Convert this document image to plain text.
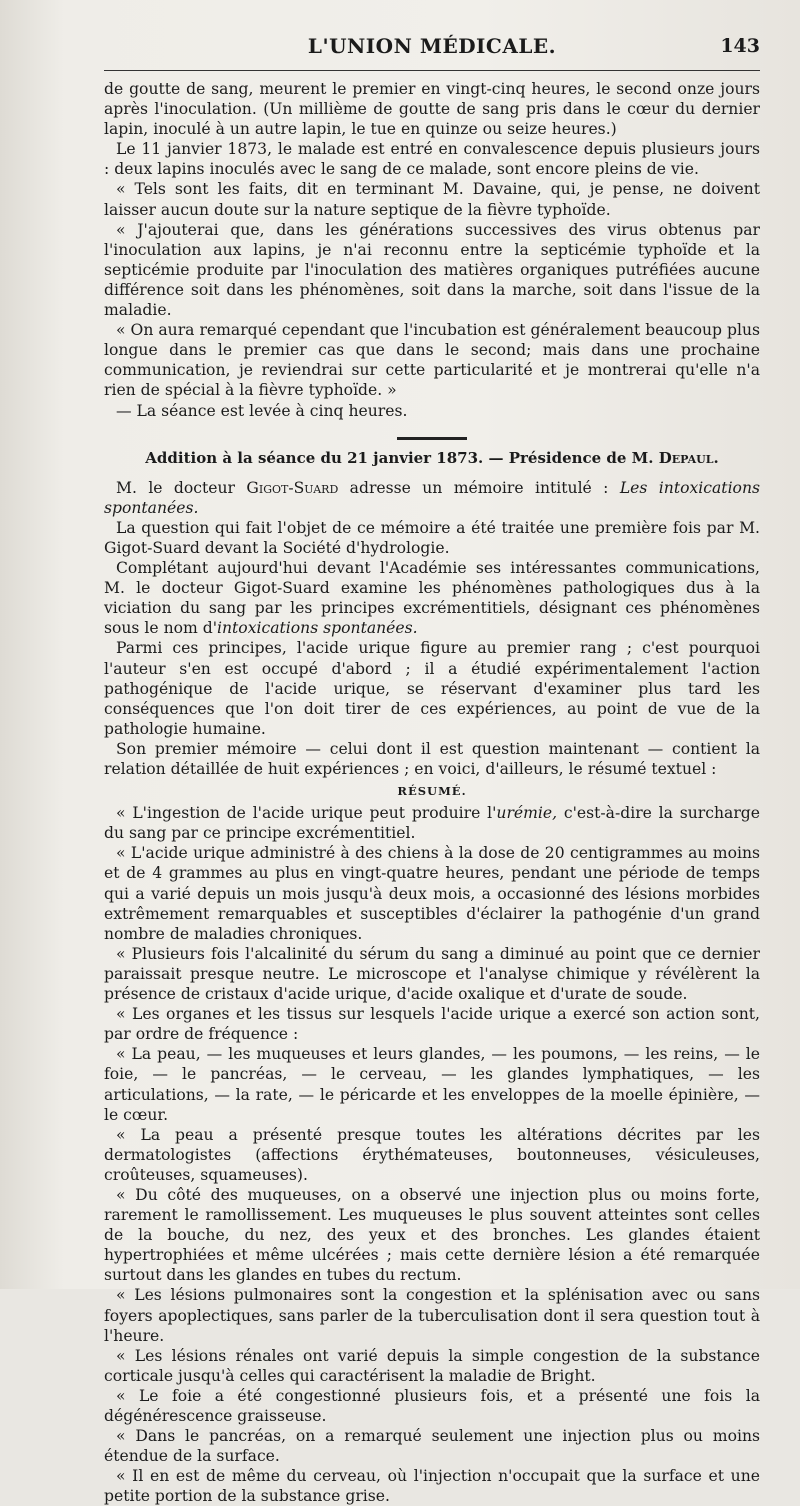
L'UNION MÉDICALE.	143

de goutte de sang, meurent le premier en vingt-cinq heures, le second onze jours après l'inoculation. (Un millième de goutte de sang pris dans le cœur du dernier lapin, inoculé à un autre lapin, le tue en quinze ou seize heures.)

Le 11 janvier 1873, le malade est entré en convalescence depuis plusieurs jours : deux lapins inoculés avec le sang de ce malade, sont encore pleins de vie.

« Tels sont les faits, dit en terminant M. Davaine, qui, je pense, ne doivent laisser aucun doute sur la nature septique de la fièvre typhoïde.

« J'ajouterai que, dans les générations successives des virus obtenus par l'inoculation aux lapins, je n'ai reconnu entre la septicémie typhoïde et la septicémie produite par l'inoculation des matières organiques putréfiées aucune différence soit dans les phénomènes, soit dans la marche, soit dans l'issue de la maladie.

« On aura remarqué cependant que l'incubation est généralement beaucoup plus longue dans le premier cas que dans le second; mais dans une prochaine communication, je reviendrai sur cette particularité et je montrerai qu'elle n'a rien de spécial à la fièvre typhoïde. »

— La séance est levée à cinq heures.

Addition à la séance du 21 janvier 1873. — Présidence de M. Depaul.

M. le docteur Gigot-Suard adresse un mémoire intitulé : Les intoxications spontanées.

La question qui fait l'objet de ce mémoire a été traitée une première fois par M. Gigot-Suard devant la Société d'hydrologie.

Complétant aujourd'hui devant l'Académie ses intéressantes communications, M. le docteur Gigot-Suard examine les phénomènes pathologiques dus à la viciation du sang par les principes excrémentitiels, désignant ces phénomènes sous le nom d'intoxications spontanées.

Parmi ces principes, l'acide urique figure au premier rang ; c'est pourquoi l'auteur s'en est occupé d'abord ; il a étudié expérimentalement l'action pathogénique de l'acide urique, se réservant d'examiner plus tard les conséquences que l'on doit tirer de ces expériences, au point de vue de la pathologie humaine.

Son premier mémoire — celui dont il est question maintenant — contient la relation détaillée de huit expériences ; en voici, d'ailleurs, le résumé textuel :

RÉSUMÉ.

« L'ingestion de l'acide urique peut produire l'urémie, c'est-à-dire la surcharge du sang par ce principe excrémentitiel.

« L'acide urique administré à des chiens à la dose de 20 centigrammes au moins et de 4 grammes au plus en vingt-quatre heures, pendant une période de temps qui a varié depuis un mois jusqu'à deux mois, a occasionné des lésions morbides extrêmement remarquables et susceptibles d'éclairer la pathogénie d'un grand nombre de maladies chroniques.

« Plusieurs fois l'alcalinité du sérum du sang a diminué au point que ce dernier paraissait presque neutre. Le microscope et l'analyse chimique y révélèrent la présence de cristaux d'acide urique, d'acide oxalique et d'urate de soude.

« Les organes et les tissus sur lesquels l'acide urique a exercé son action sont, par ordre de fréquence :

« La peau, — les muqueuses et leurs glandes, — les poumons, — les reins, — le foie, — le pancréas, — le cerveau, — les glandes lymphatiques, — les articulations, — la rate, — le péricarde et les enveloppes de la moelle épinière, — le cœur.

« La peau a présenté presque toutes les altérations décrites par les dermatologistes (affections érythémateuses, boutonneuses, vésiculeuses, croûteuses, squameuses).

« Du côté des muqueuses, on a observé une injection plus ou moins forte, rarement le ramollissement. Les muqueuses le plus souvent atteintes sont celles de la bouche, du nez, des yeux et des bronches. Les glandes étaient hypertrophiées et même ulcérées ; mais cette dernière lésion a été remarquée surtout dans les glandes en tubes du rectum.

« Les lésions pulmonaires sont la congestion et la splénisation avec ou sans foyers apoplectiques, sans parler de la tuberculisation dont il sera question tout à l'heure.

« Les lésions rénales ont varié depuis la simple congestion de la substance corticale jusqu'à celles qui caractérisent la maladie de Bright.

« Le foie a été congestionné plusieurs fois, et a présenté une fois la dégénérescence graisseuse.

« Dans le pancréas, on a remarqué seulement une injection plus ou moins étendue de la surface.

« Il en est de même du cerveau, où l'injection n'occupait que la surface et une petite portion de la substance grise.
